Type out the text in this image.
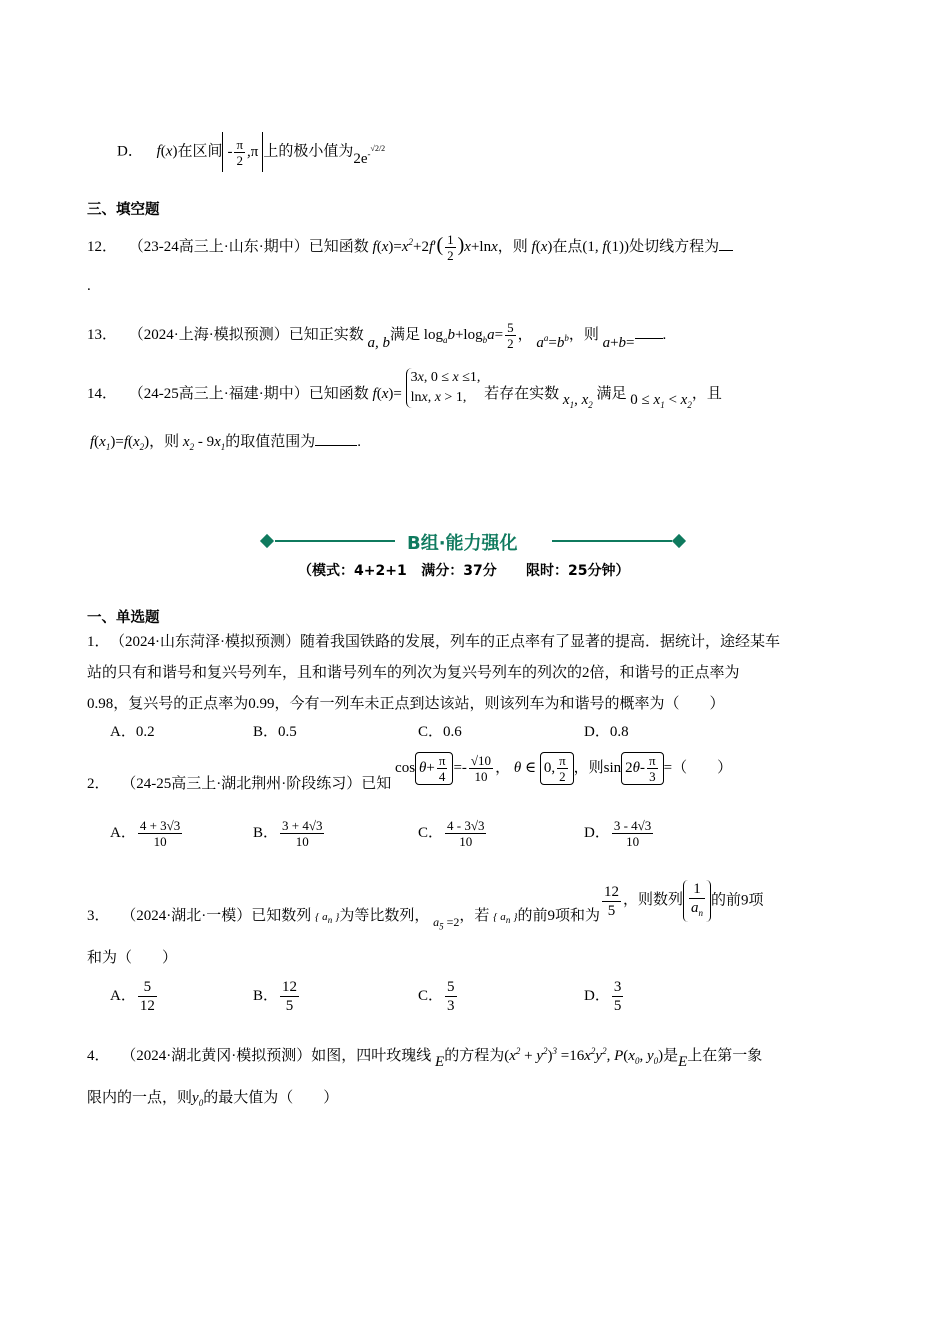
D． f(x)在区间 - $\frac{\pi}{2} ,\pi$ 上的极小值为$2e^{-√2/2}$
三、填空题
12． （23-24高三上·山东·期中）已知函数 $f(x)=x^2+2f'( \frac{1}{2} )x+\ln x$，则 f(x)在点(1, f(1))处切线方程为
.
13． （2024·上海·模拟预测）已知正实数 a, b满足 $\log_ab+\log_ba= \frac{5}{2}$ ， $a^a=b^b$，则 a+b= .
14． （24-25高三上·福建·期中）已知函数 f(x)=
3x, 0 ≤ x ≤1,
lnx, x > 1,	若存在实数 $x_1$, $x_2$ 满足 $0 \le x_1 < x_2$，且
$f(x_1)=f(x_2)$，则 $x_2 - 9x_1$的取值范围为	.
B组·能力强化
（模式：4+2+1   满分：37分      限时：25分钟）
一、单选题
1． （2024·山东菏泽·模拟预测）随着我国铁路的发展，列车的正点率有了显著的提高．据统计，途经某车
站的只有和谐号和复兴号列车，且和谐号列车的列次为复兴号列车的列次的2倍，和谐号的正点率为
0.98，复兴号的正点率为0.99，今有一列车未正点到达该站，则该列车为和谐号的概率为（　　）
A．0.2	B．0.5	C．0.6	D．0.8
2． （24-25高三上·湖北荆州·阶段练习）已知 $\cos \theta+ \frac{\pi}{4} =- \frac{√10}{10}$ ， θ ∈ 0, $\frac{\pi}{2}$ ，则$\sin 2\theta- \frac{\pi}{3}$ =（　　）
A． $\frac{4 + 3√3}{10}$	B． $\frac{3 + 4√3}{10}$	C． $\frac{4 - 3√3}{10}$	D． $\frac{3 - 4√3}{10}$
3． （2024·湖北·一模）已知数列 $_{\{ a_n \}}$为等比数列， $_{a_5 =2}$，若 $_{\{ a_n \}}$的前9项和为 $\frac{12}{5}$ ，则数列 $\frac{1}{a_n}$ 的前9项
和为（　　）
A． $\frac{5}{12}$	B． $\frac{12}{5}$	C． $\frac{5}{3}$	D． $\frac{3}{5}$
4． （2024·湖北黄冈·模拟预测）如图，四叶玫瑰线 E的方程为$(x^2 + y^2)^3 =16x^2y^2$, $P(x_0$, $y_0$)是E上在第一象
限内的一点，则$y_0$的最大值为（　　）
